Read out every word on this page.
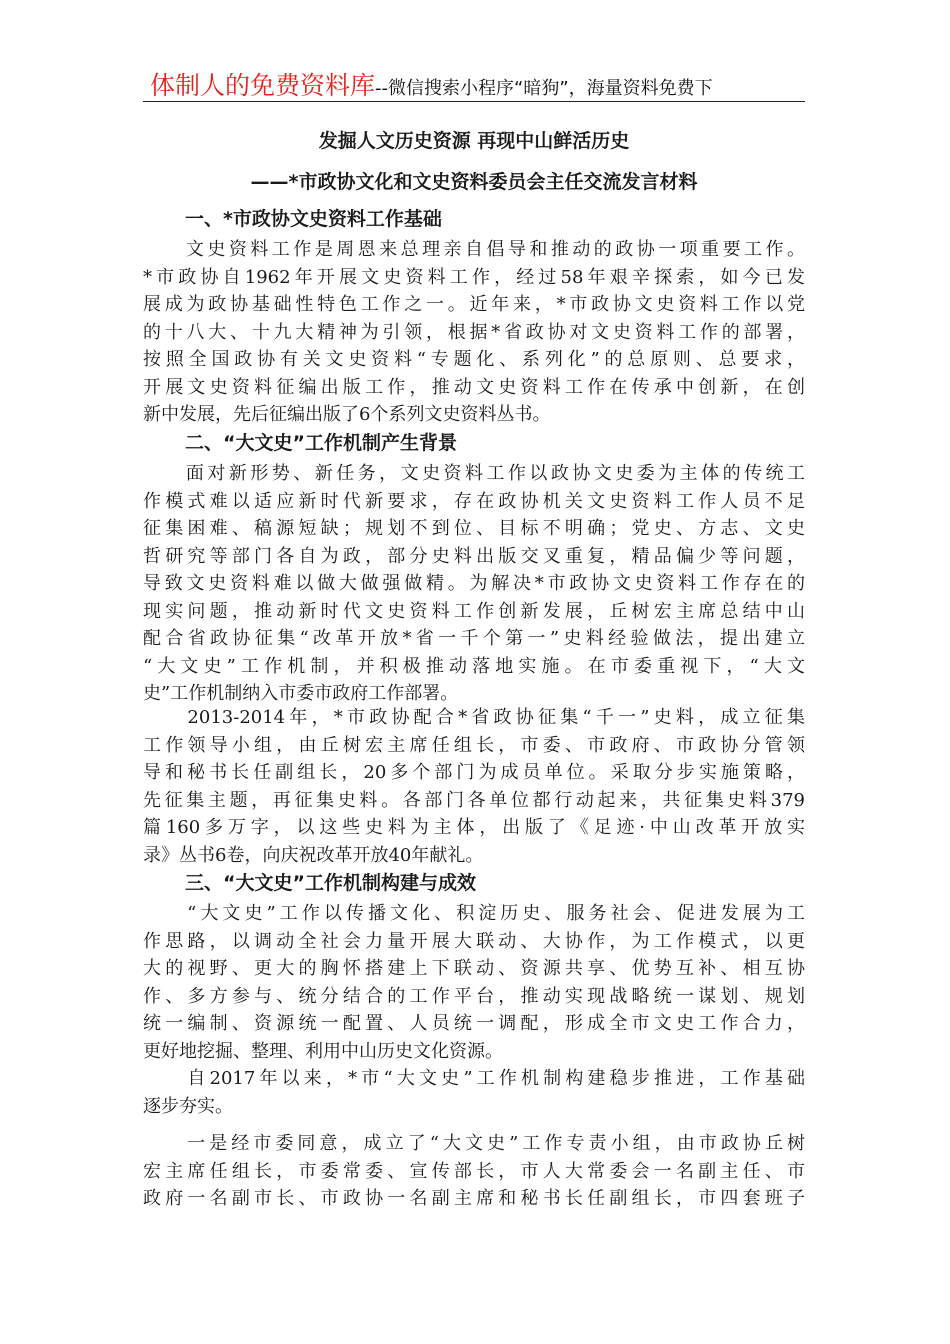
体制人的免费资料库--微信搜索小程序“暗狗”，海量资料免费下
发掘人文历史资源 再现中山鲜活历史
——*市政协文化和文史资料委员会主任交流发言材料
一、*市政协文史资料工作基础
　　文史资料工作是周恩来总理亲自倡导和推动的政协一项重要工作。
*市政协自1962年开展文史资料工作，经过58年艰辛探索，如今已发
展成为政协基础性特色工作之一。近年来，*市政协文史资料工作以党
的十八大、十九大精神为引领，根据*省政协对文史资料工作的部署，
按照全国政协有关文史资料“专题化、系列化”的总原则、总要求，
开展文史资料征编出版工作，推动文史资料工作在传承中创新，在创
新中发展，先后征编出版了6个系列文史资料丛书。
二、“大文史”工作机制产生背景
　　面对新形势、新任务，文史资料工作以政协文史委为主体的传统工
作模式难以适应新时代新要求，存在政协机关文史资料工作人员不足
征集困难、稿源短缺；规划不到位、目标不明确；党史、方志、文史
哲研究等部门各自为政，部分史料出版交叉重复，精品偏少等问题，
导致文史资料难以做大做强做精。为解决*市政协文史资料工作存在的
现实问题，推动新时代文史资料工作创新发展，丘树宏主席总结中山
配合省政协征集“改革开放*省一千个第一”史料经验做法，提出建立
“大文史”工作机制，并积极推动落地实施。在市委重视下，“大文
史”工作机制纳入市委市政府工作部署。
　　2013-2014年，*市政协配合*省政协征集“千一”史料，成立征集
工作领导小组，由丘树宏主席任组长，市委、市政府、市政协分管领
导和秘书长任副组长，20多个部门为成员单位。采取分步实施策略，
先征集主题，再征集史料。各部门各单位都行动起来，共征集史料379
篇160多万字，以这些史料为主体，出版了《足迹·中山改革开放实
录》丛书6卷，向庆祝改革开放40年献礼。
三、“大文史”工作机制构建与成效
　　“大文史”工作以传播文化、积淀历史、服务社会、促进发展为工
作思路，以调动全社会力量开展大联动、大协作，为工作模式，以更
大的视野、更大的胸怀搭建上下联动、资源共享、优势互补、相互协
作、多方参与、统分结合的工作平台，推动实现战略统一谋划、规划
统一编制、资源统一配置、人员统一调配，形成全市文史工作合力，
更好地挖掘、整理、利用中山历史文化资源。
　　自2017年以来，*市“大文史”工作机制构建稳步推进，工作基础
逐步夯实。
　　一是经市委同意，成立了“大文史”工作专责小组，由市政协丘树
宏主席任组长，市委常委、宣传部长，市人大常委会一名副主任、市
政府一名副市长、市政协一名副主席和秘书长任副组长，市四套班子
